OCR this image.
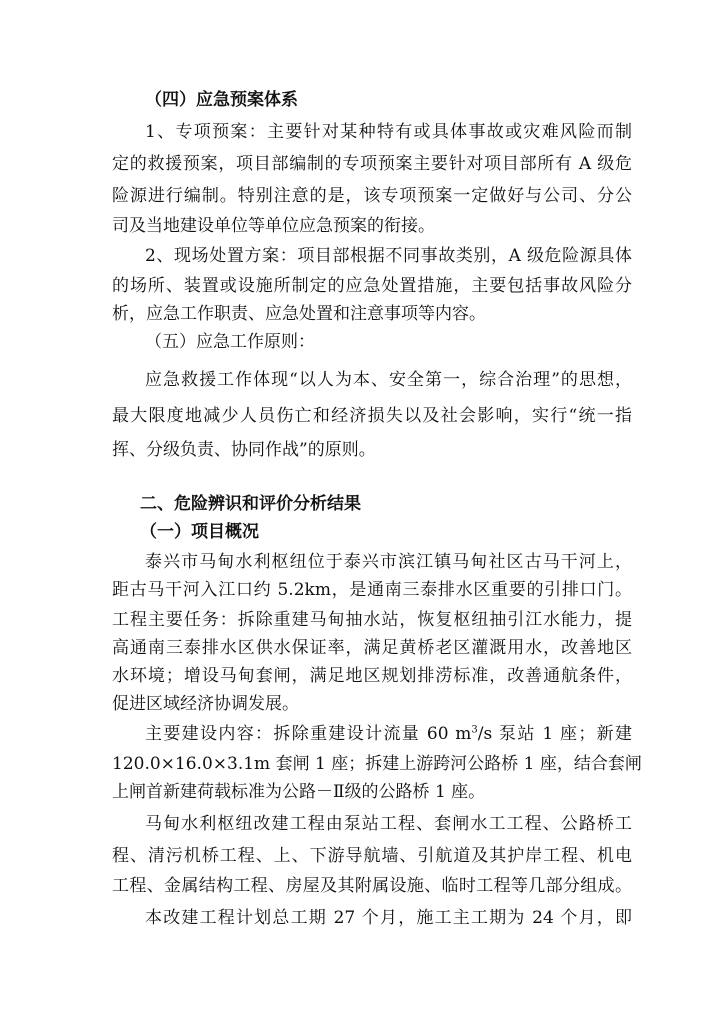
（四）应急预案体系
1、专项预案：主要针对某种特有或具体事故或灾难风险而制
定的救援预案，项目部编制的专项预案主要针对项目部所有 A 级危
险源进行编制。特别注意的是，该专项预案一定做好与公司、分公
司及当地建设单位等单位应急预案的衔接。
2、现场处置方案：项目部根据不同事故类别，A 级危险源具体
的场所、装置或设施所制定的应急处置措施，主要包括事故风险分
析，应急工作职责、应急处置和注意事项等内容。
（五）应急工作原则：
应急救援工作体现“以人为本、安全第一，综合治理”的思想，
最大限度地减少人员伤亡和经济损失以及社会影响，实行“统一指
挥、分级负责、协同作战”的原则。
二、危险辨识和评价分析结果
（一）项目概况
泰兴市马甸水利枢纽位于泰兴市滨江镇马甸社区古马干河上，
距古马干河入江口约 5.2km，是通南三泰排水区重要的引排口门。
工程主要任务：拆除重建马甸抽水站，恢复枢纽抽引江水能力，提
高通南三泰排水区供水保证率，满足黄桥老区灌溉用水，改善地区
水环境；增设马甸套闸，满足地区规划排涝标准，改善通航条件，
促进区域经济协调发展。
主要建设内容：拆除重建设计流量 60 $m^3/s$ 泵站 1 座；新建
120.0×16.0×3.1m 套闸 1 座；拆建上游跨河公路桥 1 座，结合套闸
上闸首新建荷载标准为公路－Ⅱ级的公路桥 1 座。
马甸水利枢纽改建工程由泵站工程、套闸水工工程、公路桥工
程、清污机桥工程、上、下游导航墙、引航道及其护岸工程、机电
工程、金属结构工程、房屋及其附属设施、临时工程等几部分组成。
本改建工程计划总工期 27 个月，施工主工期为 24 个月，即
